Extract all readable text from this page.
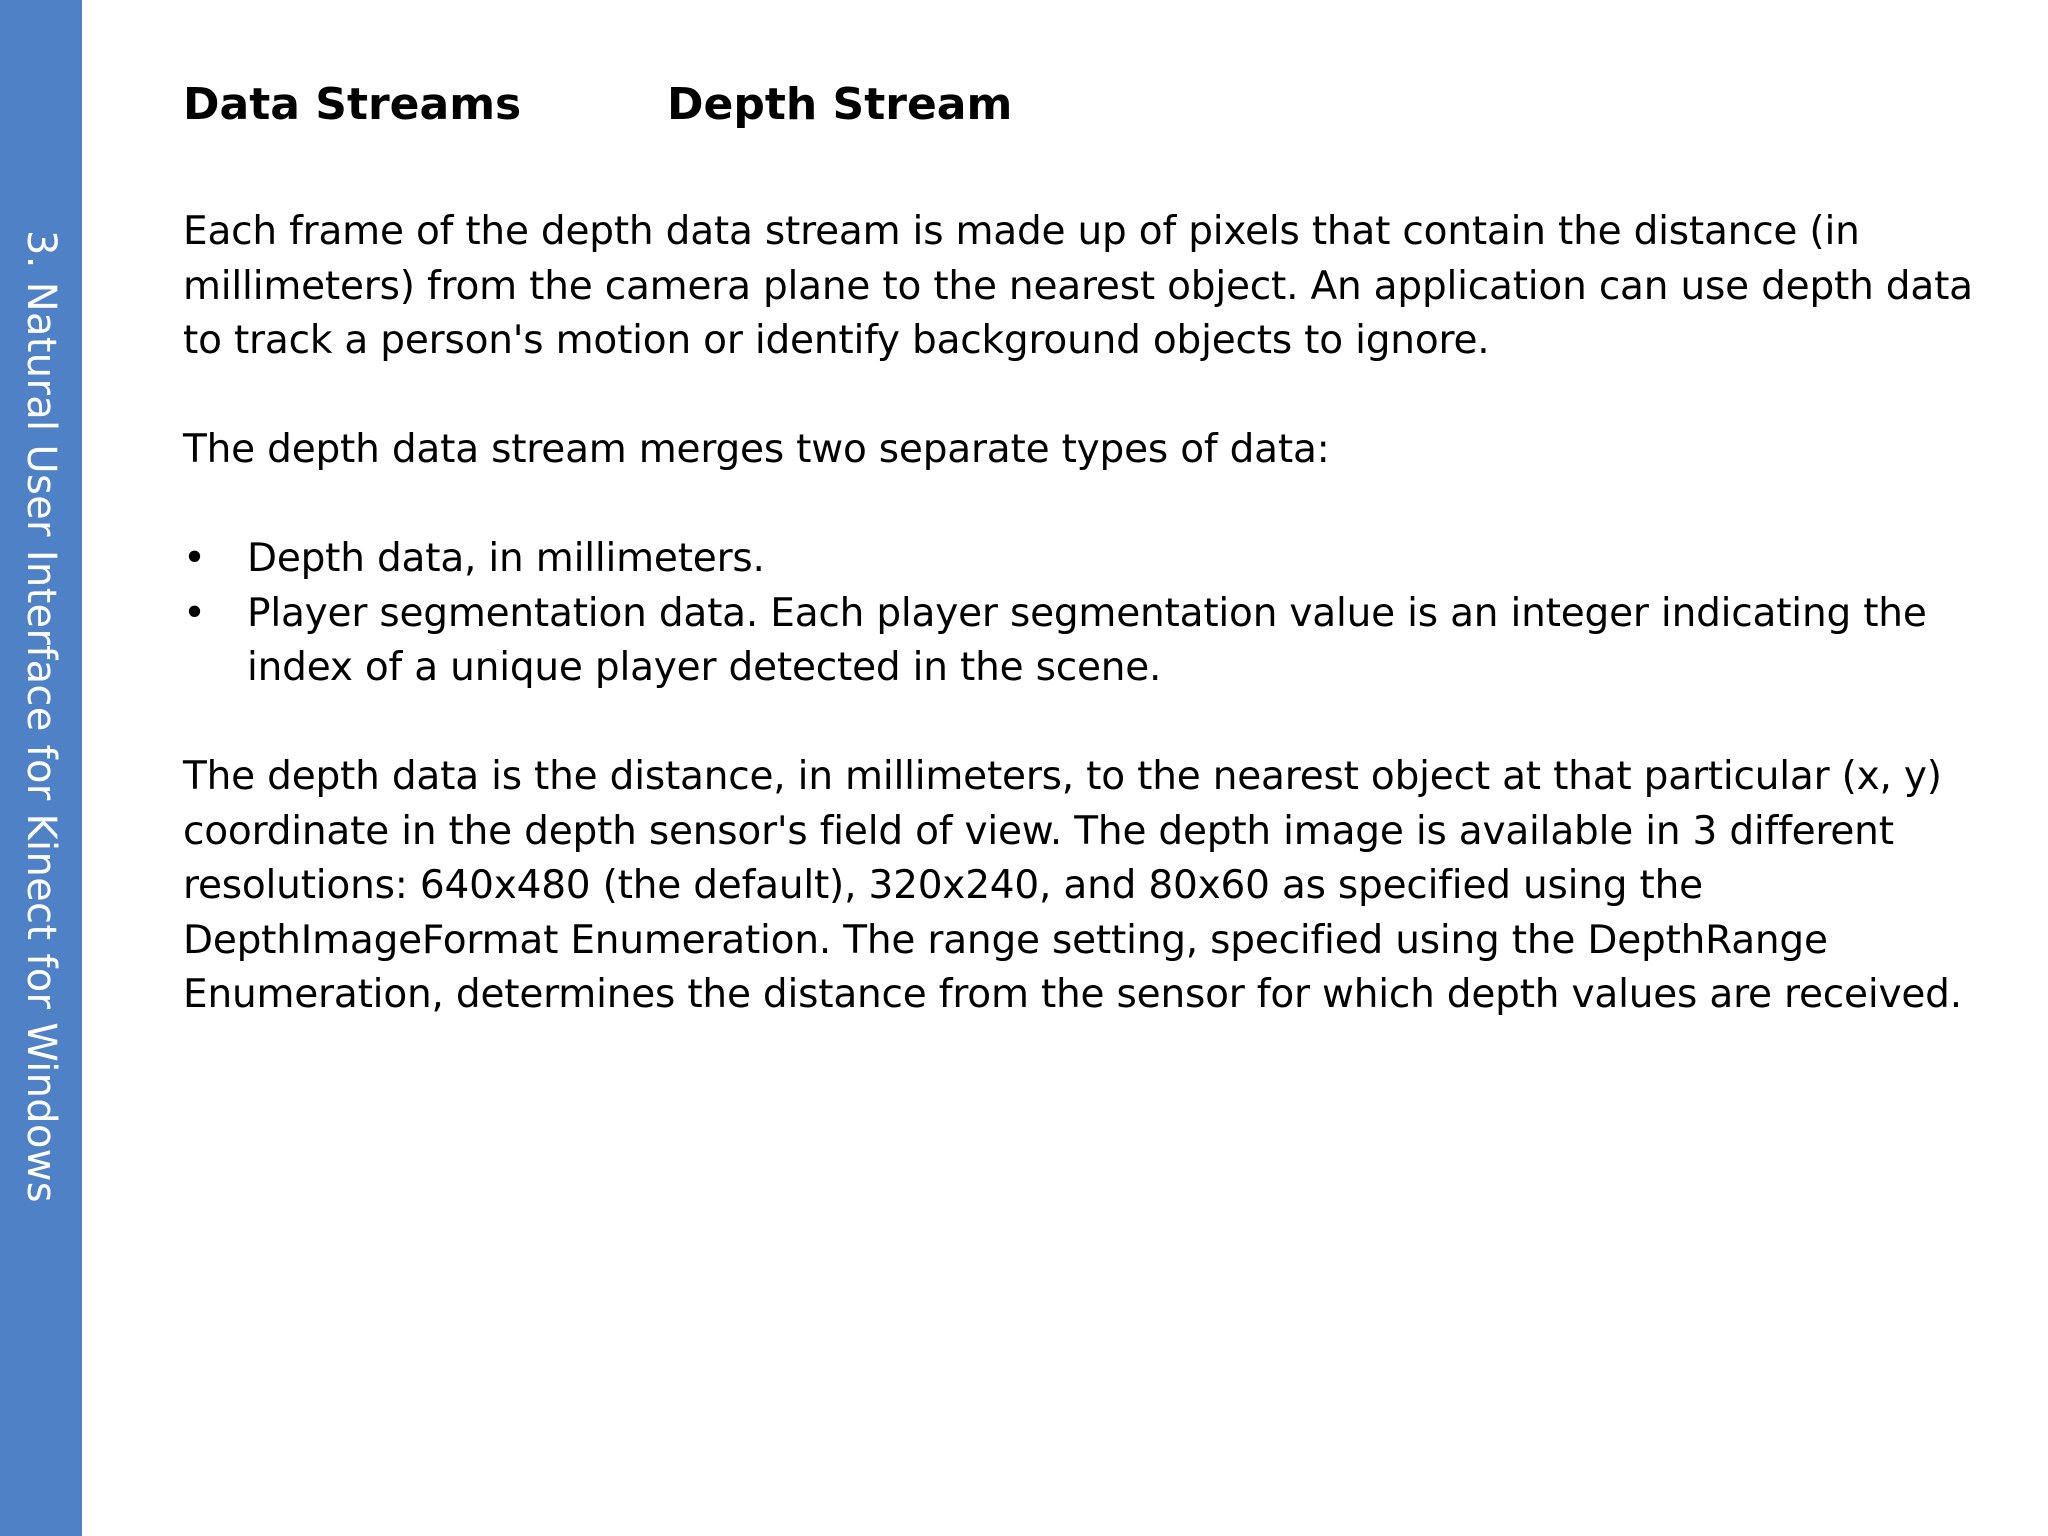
3. Natural User Interface for Kinect for Windows
Data Streams	Depth Stream

Each frame of the depth data stream is made up of pixels that contain the distance (in millimeters) from the camera plane to the nearest object. An application can use depth data to track a person's motion or identify background objects to ignore.

The depth data stream merges two separate types of data:

• Depth data, in millimeters.
• Player segmentation data. Each player segmentation value is an integer indicating the index of a unique player detected in the scene.

The depth data is the distance, in millimeters, to the nearest object at that particular (x, y) coordinate in the depth sensor's field of view. The depth image is available in 3 different resolutions: 640x480 (the default), 320x240, and 80x60 as specified using the DepthImageFormat Enumeration. The range setting, specified using the DepthRange Enumeration, determines the distance from the sensor for which depth values are received.
